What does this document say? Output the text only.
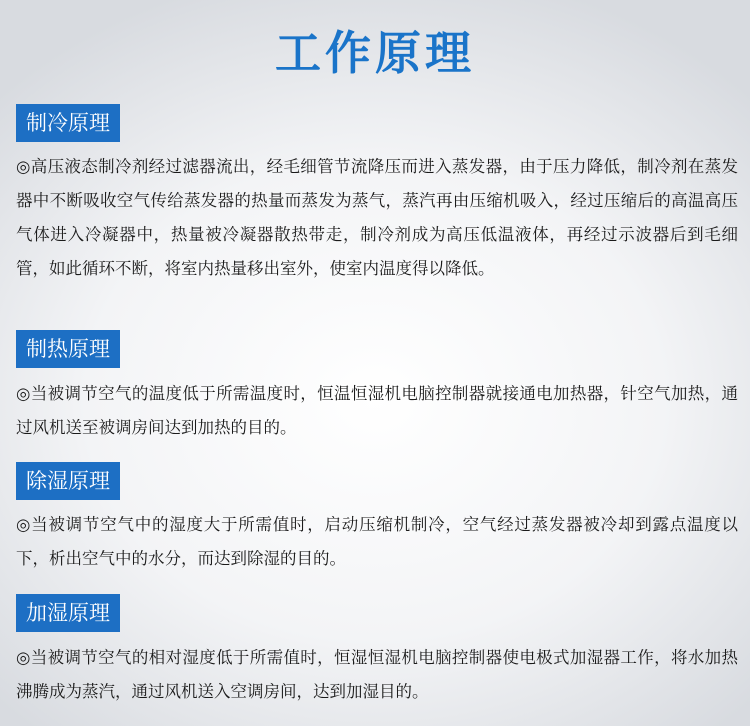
工作原理
制冷原理
◎高压液态制冷剂经过滤器流出，经毛细管节流降压而进入蒸发器，由于压力降低，制冷剂在蒸发器中不断吸收空气传给蒸发器的热量而蒸发为蒸气，蒸汽再由压缩机吸入，经过压缩后的高温高压气体进入冷凝器中，热量被冷凝器散热带走，制冷剂成为高压低温液体，再经过示波器后到毛细管，如此循环不断，将室内热量移出室外，使室内温度得以降低。
制热原理
◎当被调节空气的温度低于所需温度时，恒温恒湿机电脑控制器就接通电加热器，针空气加热，通过风机送至被调房间达到加热的目的。
除湿原理
◎当被调节空气中的湿度大于所需值时，启动压缩机制冷，空气经过蒸发器被冷却到露点温度以下，析出空气中的水分，而达到除湿的目的。
加湿原理
◎当被调节空气的相对湿度低于所需值时，恒湿恒湿机电脑控制器使电极式加湿器工作，将水加热沸腾成为蒸汽，通过风机送入空调房间，达到加湿目的。
